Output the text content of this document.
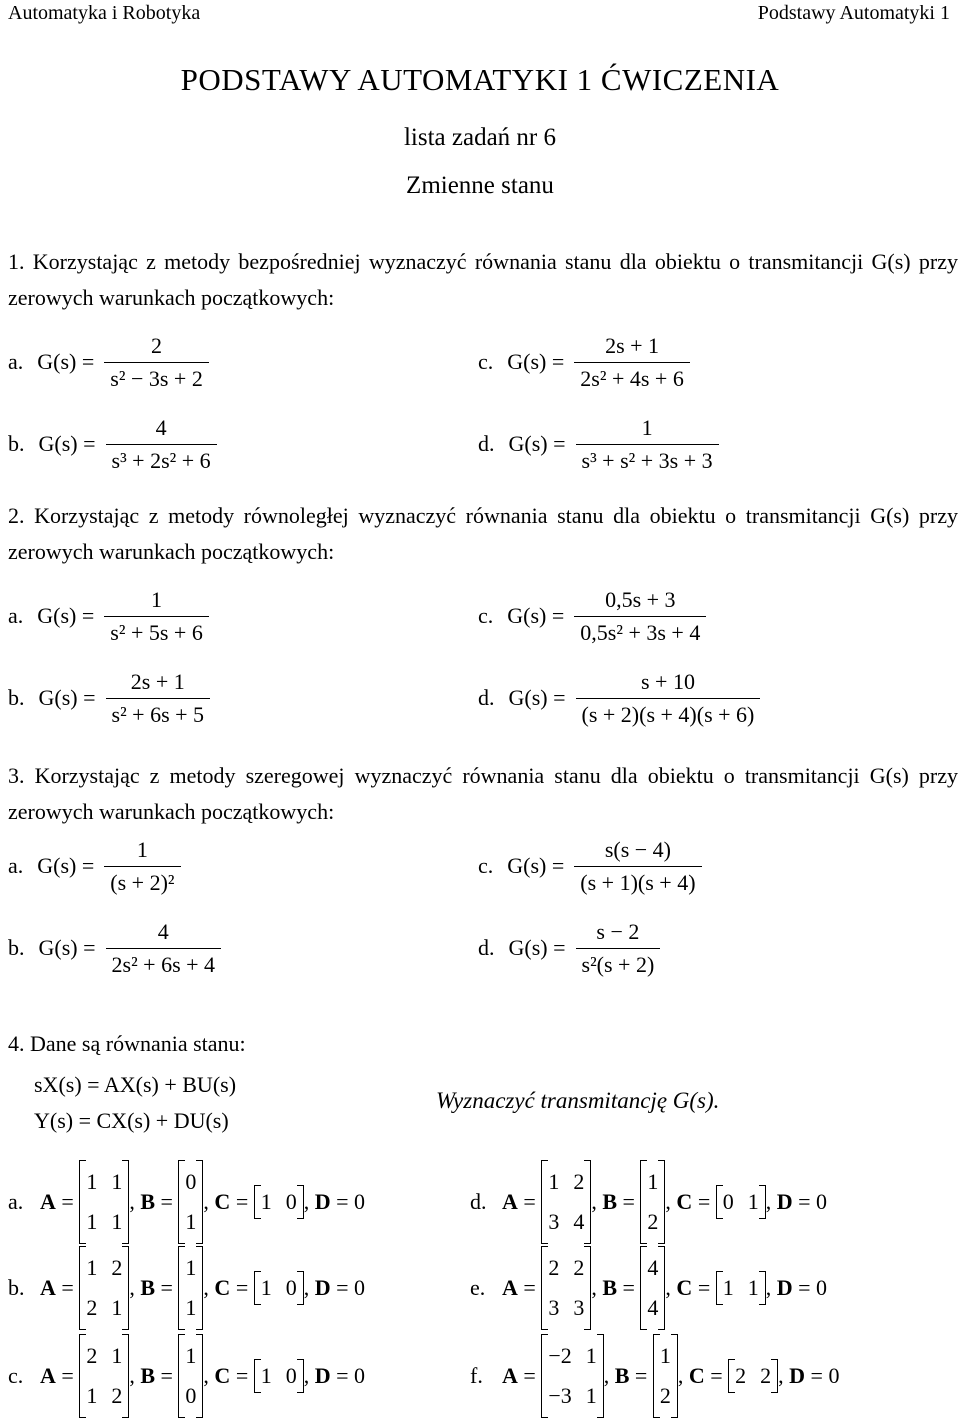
Automatyka i Robotyka	Podstawy Automatyki 1
PODSTAWY AUTOMATYKI 1 ĆWICZENIA
lista zadań nr 6
Zmienne stanu
1. Korzystając z metody bezpośredniej wyznaczyć równania stanu dla obiektu o transmitancji G(s) przy zerowych warunkach początkowych:
2. Korzystając z metody równoległej wyznaczyć równania stanu dla obiektu o transmitancji G(s) przy zerowych warunkach początkowych:
3. Korzystając z metody szeregowej wyznaczyć równania stanu dla obiektu o transmitancji G(s) przy zerowych warunkach początkowych:
a. $G(s) = \frac{2}{\text{s² − 3s + 2}}$
b. $G(s) = \frac{4}{\text{s³ + 2s² + 6}}$
c. $G(s) = \frac{2s + 1}{\text{2s² + 4s + 6}}$
d. $G(s) = \frac{1}{\text{s³ + s² + 3s + 3}}$
a. $G(s) = \frac{1}{\text{s² + 5s + 6}}$
b. $G(s) = \frac{2s + 1}{\text{s² + 6s + 5}}$
c. $G(s) = \frac{0,5s + 3}{\text{0,5s² + 3s + 4}}$
d. $G(s) = \frac{s + 10}{(s + 2)(s + 4)(s + 6)}$
a. $G(s) = \frac{1}{\text{(s + 2)²}}$
b. $G(s) = \frac{4}{\text{2s² + 6s + 4}}$
c. $G(s) = \frac{s(s - 4)}{(s + 1)(s + 4)}$
d. $G(s) = \frac{s - 2}{\text{s²(s + 2)}}$
4. Dane są równania stanu:
sX(s) = AX(s) + BU(s)
Y(s) = CX(s) + DU(s)
Wyznaczyć transmitancję G(s).
a. A =
1 1
1 1
, B =
0
1
, C = 1 0 , D = 0
b. A =
1 2
2 1
, B =
1
1
, C = 1 0 , D = 0
c. A =
2 1
1 2
, B =
1
0
, C = 1 0 , D = 0
d. A =
1 2
3 4
, B =
1
2
, C = 0 1 , D = 0
e. A =
2 2
3 3
, B =
4
4
, C = 1 1 , D = 0
f. A =
−2 1
−3 1
, B =
1
2
, C = 2 2 , D = 0
